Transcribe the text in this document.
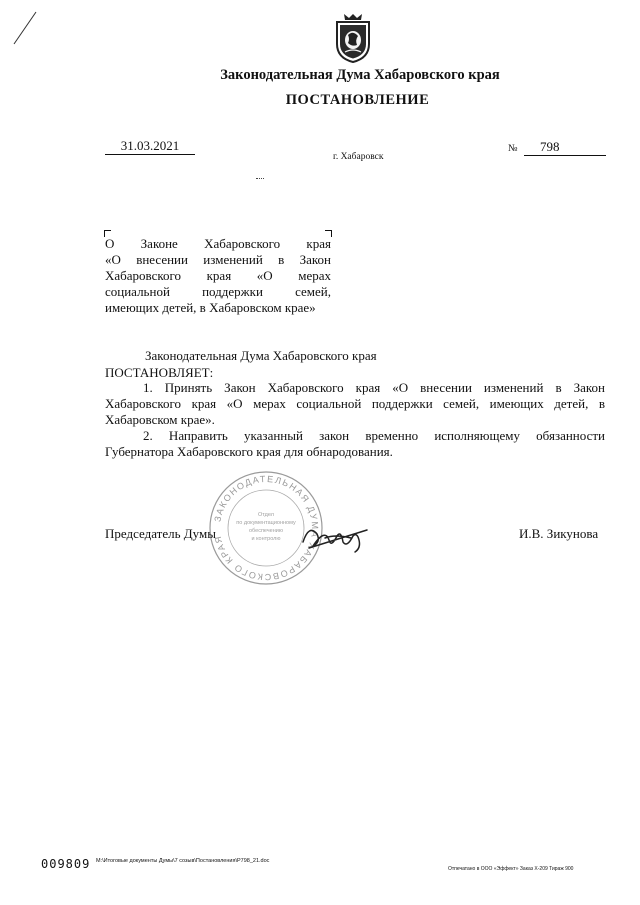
Законодательная Дума Хабаровского края
ПОСТАНОВЛЕНИЕ
31.03.2021
г. Хабаровск
№	798

О Законе Хабаровского края

«О внесении изменений в Закон

Хабаровского края «О мерах

социальной поддержки семей,

имеющих детей, в Хабаровском крае»

Законодательная Дума Хабаровского края
ПОСТАНОВЛЯЕТ:

1. Принять Закон Хабаровского края «О внесении изменений в Закон

Хабаровского края «О мерах социальной поддержки семей, имеющих детей, в

Хабаровском крае».

2. Направить указанный закон временно исполняющему обязанности

Губернатора Хабаровского края для обнародования.

ЗАКОНОДАТЕЛЬНАЯ ДУМА ХАБАРОВСКОГО КРАЯ
Отдел
по документационному
обеспечению
и контролю
Председатель Думы	И.В. Зикунова
009809 М:\Итоговые документы Думы\7 созыв\Постановления\Р798_21.doc
Отпечатано в ООО «Эффект» Заказ Х-209 Тираж 900
